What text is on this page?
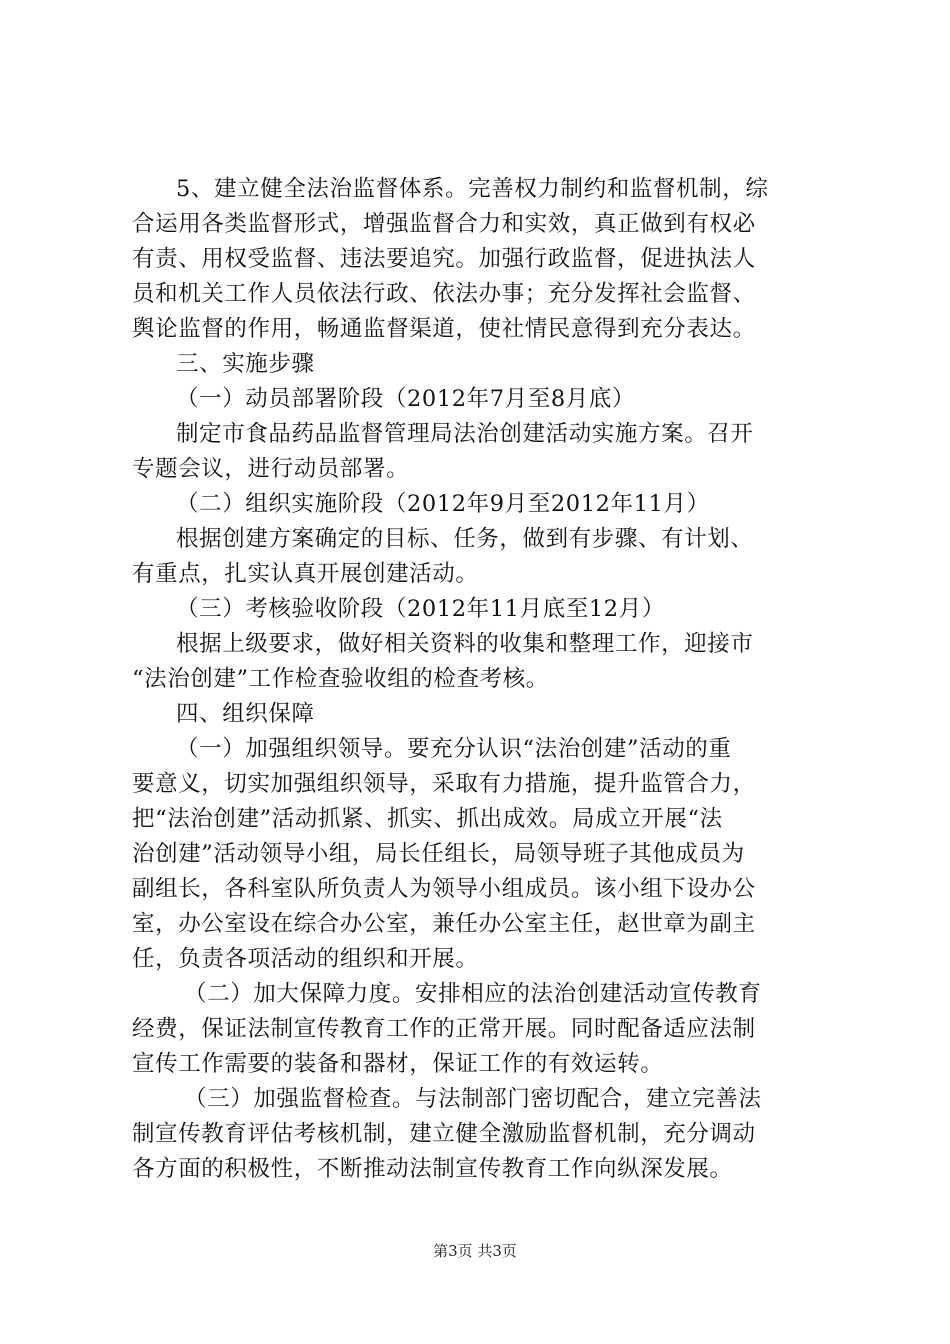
5、建立健全法治监督体系。完善权力制约和监督机制，综
合运用各类监督形式，增强监督合力和实效，真正做到有权必
有责、用权受监督、违法要追究。加强行政监督，促进执法人
员和机关工作人员依法行政、依法办事；充分发挥社会监督、
舆论监督的作用，畅通监督渠道，使社情民意得到充分表达。
三、实施步骤
（一）动员部署阶段（2012年7月至8月底）
制定市食品药品监督管理局法治创建活动实施方案。召开
专题会议，进行动员部署。
（二）组织实施阶段（2012年9月至2012年11月）
根据创建方案确定的目标、任务，做到有步骤、有计划、
有重点，扎实认真开展创建活动。
（三）考核验收阶段（2012年11月底至12月）
根据上级要求，做好相关资料的收集和整理工作，迎接市
“法治创建”工作检查验收组的检查考核。
四、组织保障
（一）加强组织领导。要充分认识“法治创建”活动的重
要意义，切实加强组织领导，采取有力措施，提升监管合力，
把“法治创建”活动抓紧、抓实、抓出成效。局成立开展“法
治创建”活动领导小组，局长任组长，局领导班子其他成员为
副组长，各科室队所负责人为领导小组成员。该小组下设办公
室，办公室设在综合办公室，兼任办公室主任，赵世章为副主
任，负责各项活动的组织和开展。
（二）加大保障力度。安排相应的法治创建活动宣传教育
经费，保证法制宣传教育工作的正常开展。同时配备适应法制
宣传工作需要的装备和器材，保证工作的有效运转。
（三）加强监督检查。与法制部门密切配合，建立完善法
制宣传教育评估考核机制，建立健全激励监督机制，充分调动
各方面的积极性，不断推动法制宣传教育工作向纵深发展。
第3页 共3页
